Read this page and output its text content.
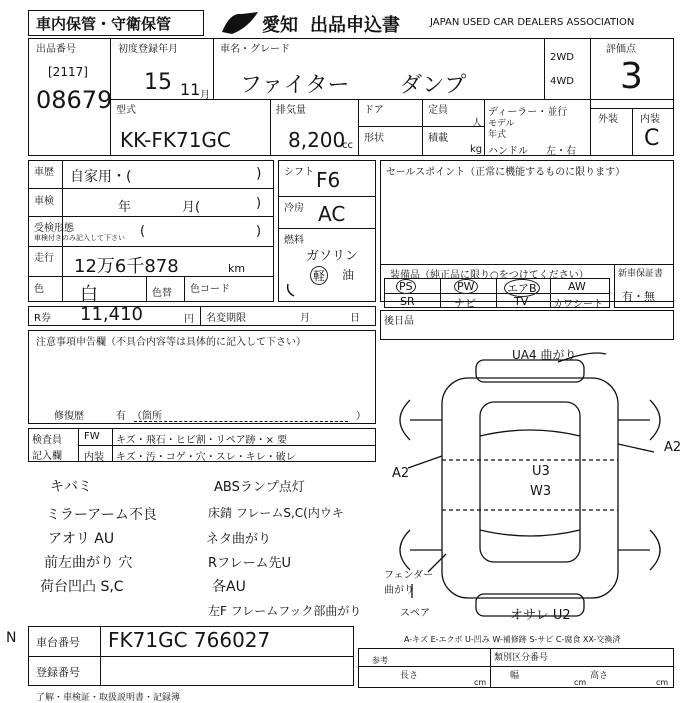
車内保管・守衛保管	愛知 出品申込書	JAPAN USED CAR DEALERS ASSOCIATION
出品番号
[2117]
08679
初度登録年月
15 11 月
車名・グレード
ファイター ダンプ
2WD
4WD
評価点
3
型式
KK-FK71GC
排気量
8,200
cc
ドア	定員
人
形状	積載
kg
ディーラー・並行
モデル
年式
ハンドル 左・右
外装 内装
C
車歴 自家用・(	)
車検	年	月(	)
受検形態
車検付きのみ記入して下さい (	)
走行 12万6千878	km
色 白	色替 色コード
シフト F6
冷房 AC
燃料
ガソリン
軽 油
セールスポイント（正常に機能するものに限ります）
装備品（純正品に限り○をつけてください）
PS	PW	エアB	AW
SR	ナビ	TV カワシート
新車保証書
有・無
R券 11,410	円 名変期限	月	日 後日品
注意事項申告欄（不具合内容等は具体的に記入して下さい）
修復歴	有 （箇所	）
検査員
記入欄
FW キズ・飛石・ヒビ割・リペア跡・× 要
内装 キズ・汚・コゲ・穴・スレ・キレ・破レ
キバミ
ミラーアーム不良
アオリ AU
前左曲がり 穴
荷台凹凸 S,C
ABSランプ点灯
床錆 フレームS,C(内ウキ
ネタ曲がり
Rフレーム先U
各AU
左F フレームフック部曲がり
UA4 曲がり
A2
A2
U3
W3
フェンダー 曲がり
スペア	オサレ U2
A-キズ E-エクボ U-凹み W-補修跡 S-サビ C-腐食 XX-交換済
N 車台番号 FK71GC 766027
登録番号
参考	類別区分番号
長さ	幅	高さ
cm	cm	cm
了解・車検証・取扱説明書・記録簿
